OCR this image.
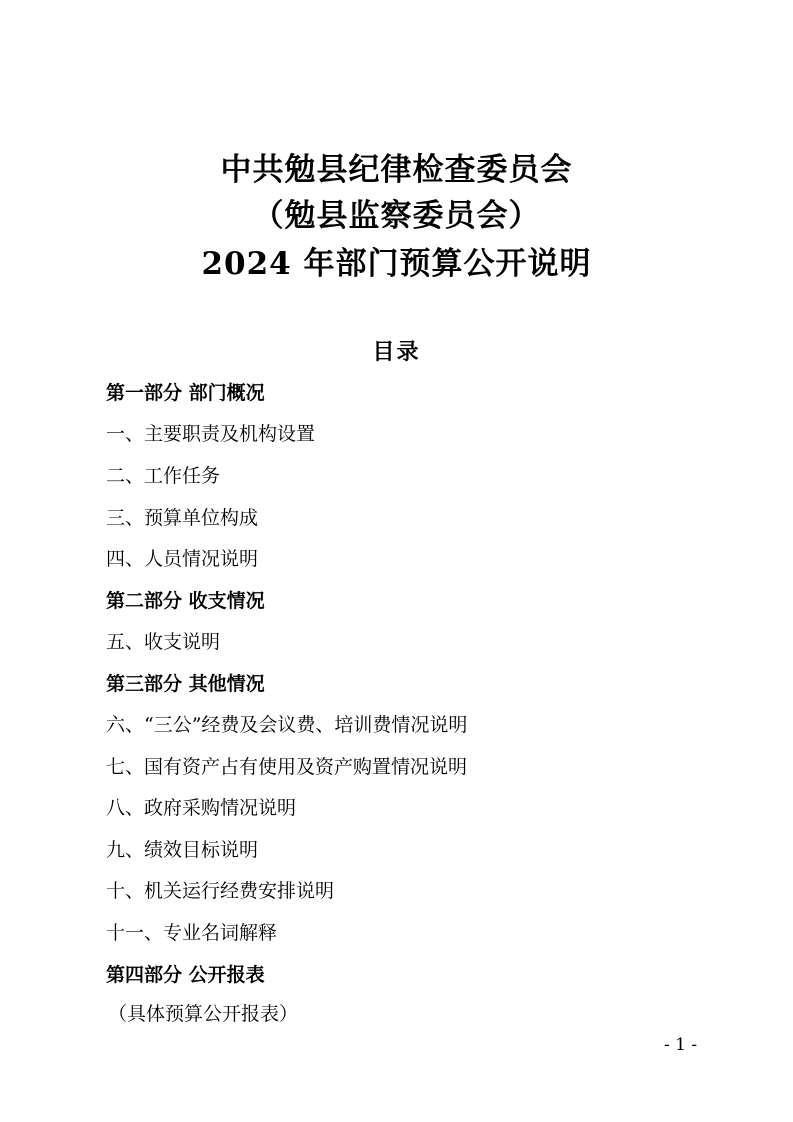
中共勉县纪律检查委员会
（勉县监察委员会）
2024 年部门预算公开说明
目录
第一部分 部门概况
一、主要职责及机构设置
二、工作任务
三、预算单位构成
四、人员情况说明
第二部分 收支情况
五、收支说明
第三部分 其他情况
六、“三公”经费及会议费、培训费情况说明
七、国有资产占有使用及资产购置情况说明
八、政府采购情况说明
九、绩效目标说明
十、机关运行经费安排说明
十一、专业名词解释
第四部分 公开报表
（具体预算公开报表）
- 1 -
